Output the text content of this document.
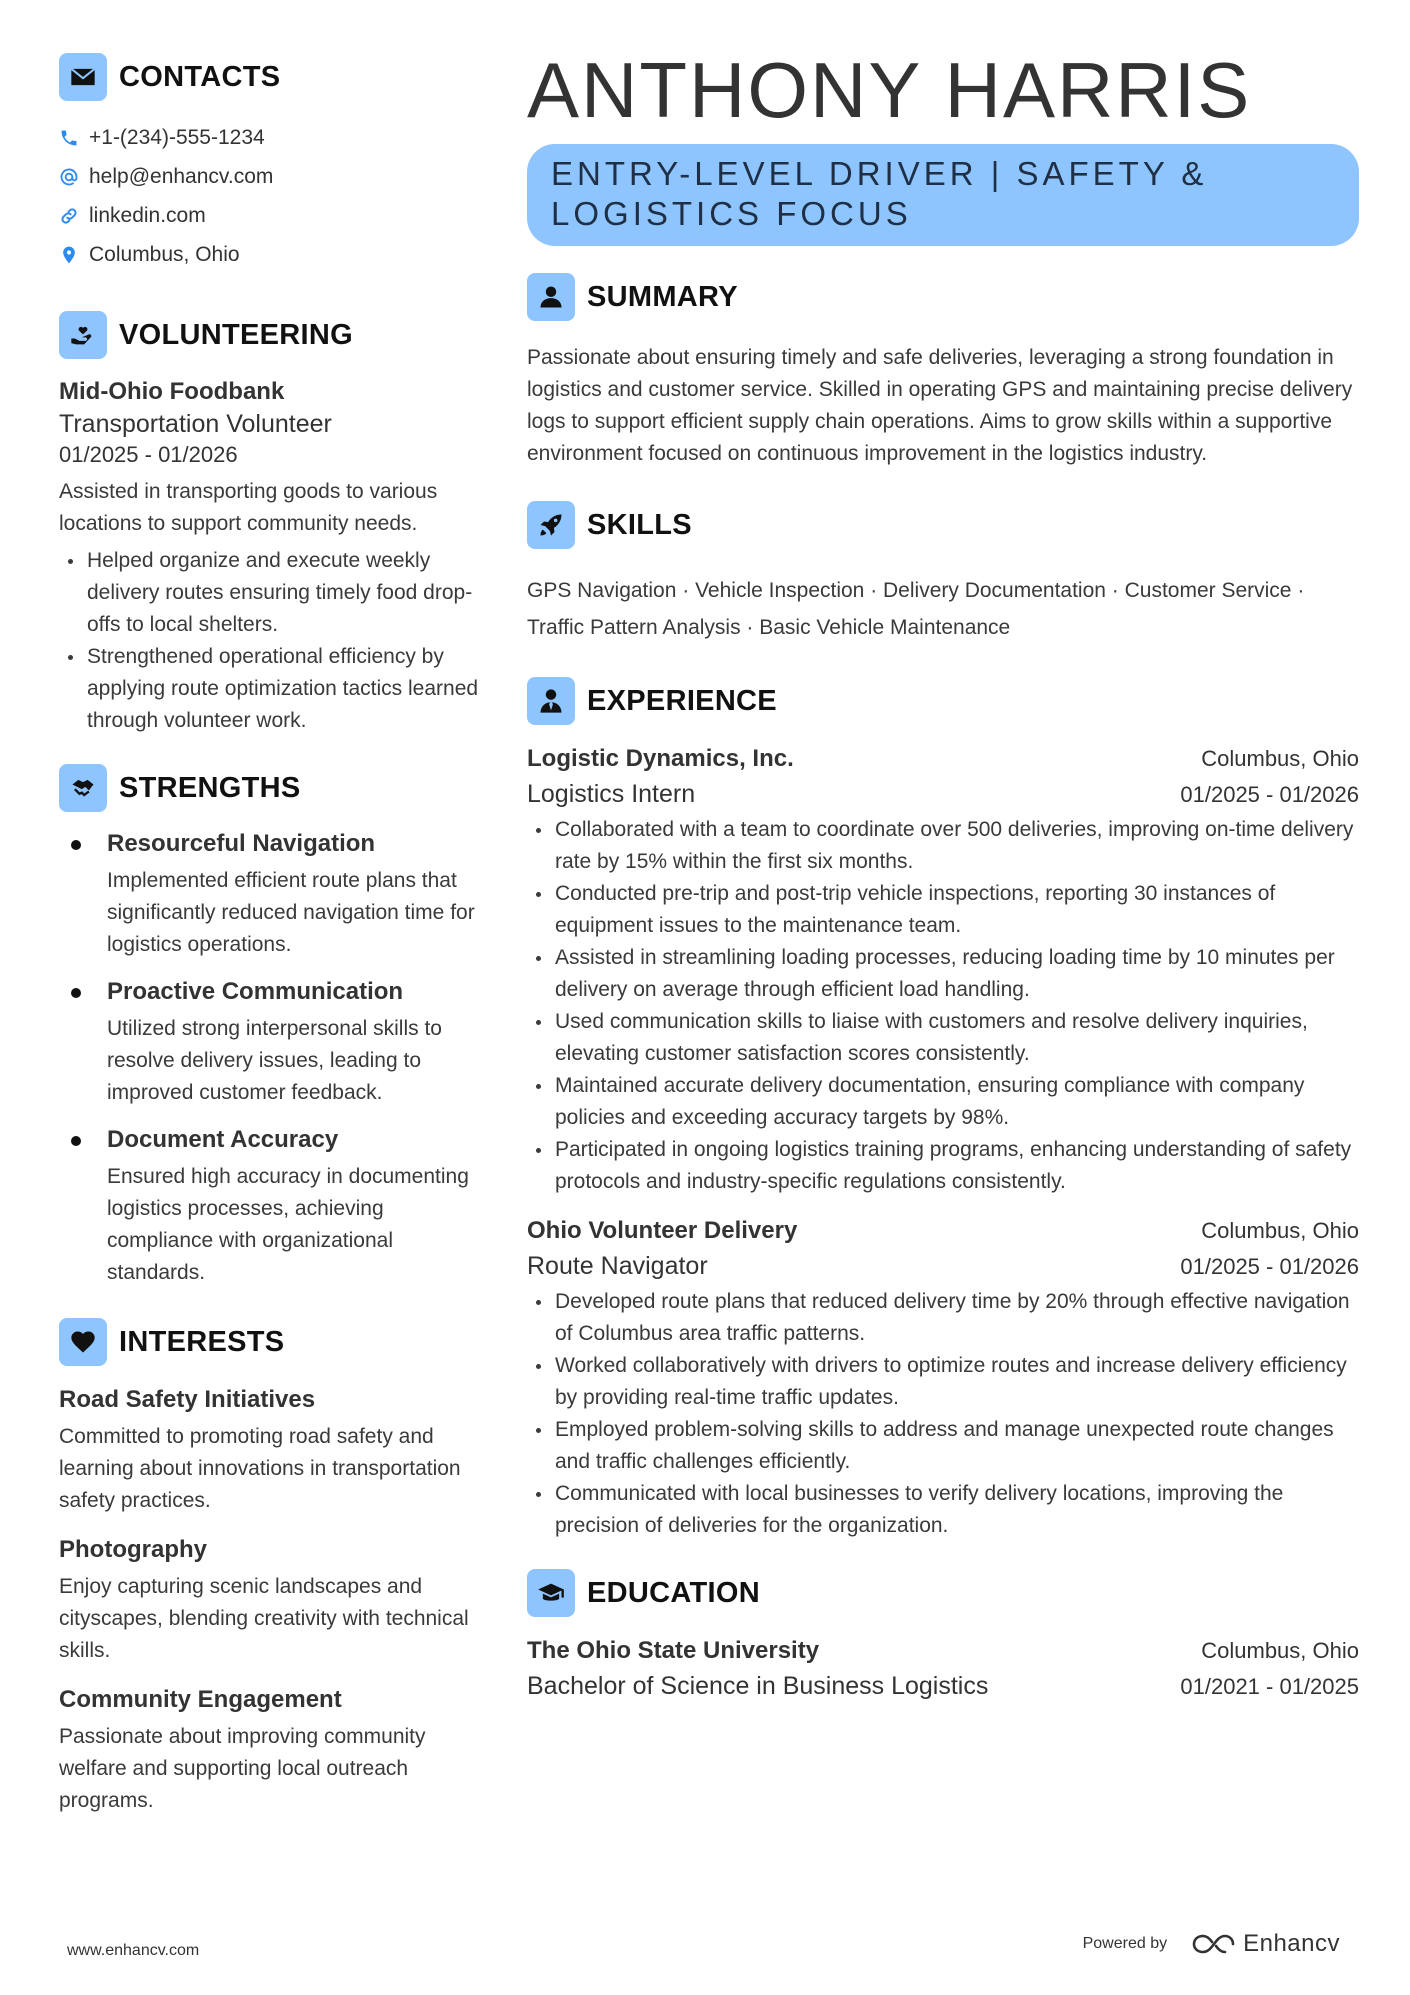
CONTACTS
+1-(234)-555-1234
help@enhancv.com
linkedin.com
Columbus, Ohio
VOLUNTEERING
Mid-Ohio Foodbank
Transportation Volunteer
01/2025 - 01/2026
Assisted in transporting goods to various locations to support community needs.
Helped organize and execute weekly delivery routes ensuring timely food drop-offs to local shelters.
Strengthened operational efficiency by applying route optimization tactics learned through volunteer work.
STRENGTHS
Resourceful Navigation
Implemented efficient route plans that significantly reduced navigation time for logistics operations.
Proactive Communication
Utilized strong interpersonal skills to resolve delivery issues, leading to improved customer feedback.
Document Accuracy
Ensured high accuracy in documenting logistics processes, achieving compliance with organizational standards.
INTERESTS
Road Safety Initiatives
Committed to promoting road safety and learning about innovations in transportation safety practices.
Photography
Enjoy capturing scenic landscapes and cityscapes, blending creativity with technical skills.
Community Engagement
Passionate about improving community welfare and supporting local outreach programs.
ANTHONY HARRIS
ENTRY-LEVEL DRIVER | SAFETY &
LOGISTICS FOCUS
SUMMARY
Passionate about ensuring timely and safe deliveries, leveraging a strong foundation in logistics and customer service. Skilled in operating GPS and maintaining precise delivery logs to support efficient supply chain operations. Aims to grow skills within a supportive environment focused on continuous improvement in the logistics industry.
SKILLS
GPS Navigation · Vehicle Inspection · Delivery Documentation · Customer Service ·
Traffic Pattern Analysis · Basic Vehicle Maintenance
EXPERIENCE
Logistic Dynamics, Inc.	Columbus, Ohio
Logistics Intern	01/2025 - 01/2026
Collaborated with a team to coordinate over 500 deliveries, improving on-time delivery rate by 15% within the first six months.
Conducted pre-trip and post-trip vehicle inspections, reporting 30 instances of equipment issues to the maintenance team.
Assisted in streamlining loading processes, reducing loading time by 10 minutes per delivery on average through efficient load handling.
Used communication skills to liaise with customers and resolve delivery inquiries, elevating customer satisfaction scores consistently.
Maintained accurate delivery documentation, ensuring compliance with company policies and exceeding accuracy targets by 98%.
Participated in ongoing logistics training programs, enhancing understanding of safety protocols and industry-specific regulations consistently.
Ohio Volunteer Delivery	Columbus, Ohio
Route Navigator	01/2025 - 01/2026
Developed route plans that reduced delivery time by 20% through effective navigation of Columbus area traffic patterns.
Worked collaboratively with drivers to optimize routes and increase delivery efficiency by providing real-time traffic updates.
Employed problem-solving skills to address and manage unexpected route changes and traffic challenges efficiently.
Communicated with local businesses to verify delivery locations, improving the precision of deliveries for the organization.
EDUCATION
The Ohio State University	Columbus, Ohio
Bachelor of Science in Business Logistics	01/2021 - 01/2025
www.enhancv.com	Powered by	Enhancv
